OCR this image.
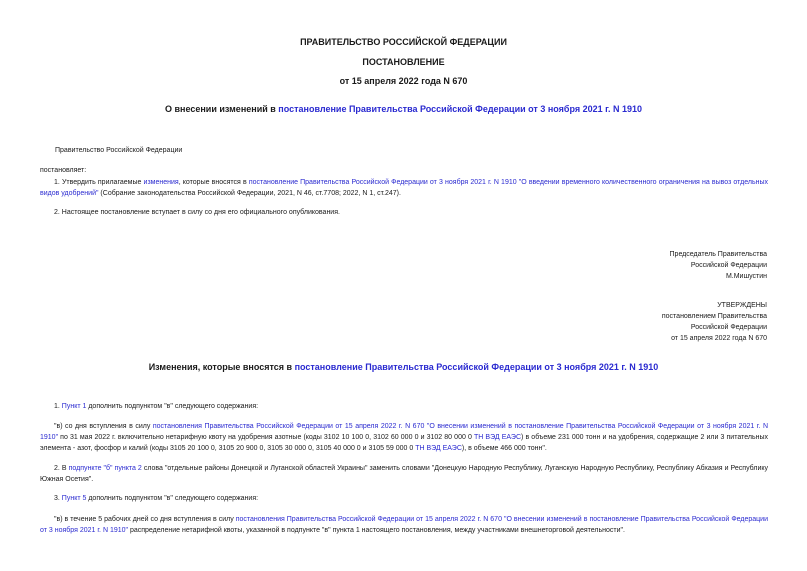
ПРАВИТЕЛЬСТВО РОССИЙСКОЙ ФЕДЕРАЦИИ
ПОСТАНОВЛЕНИЕ
от 15 апреля 2022 года N 670
О внесении изменений в постановление Правительства Российской Федерации от 3 ноября 2021 г. N 1910
Правительство Российской Федерации
постановляет:
1. Утвердить прилагаемые изменения, которые вносятся в постановление Правительства Российской Федерации от 3 ноября 2021 г. N 1910 "О введении временного количественного ограничения на вывоз отдельных видов удобрений" (Собрание законодательства Российской Федерации, 2021, N 46, ст.7708; 2022, N 1, ст.247).
2. Настоящее постановление вступает в силу со дня его официального опубликования.
Председатель Правительства
Российской Федерации
М.Мишустин
УТВЕРЖДЕНЫ
постановлением Правительства
Российской Федерации
от 15 апреля 2022 года N 670
Изменения, которые вносятся в постановление Правительства Российской Федерации от 3 ноября 2021 г. N 1910
1. Пункт 1 дополнить подпунктом "в" следующего содержания:
"в) со дня вступления в силу постановления Правительства Российской Федерации от 15 апреля 2022 г. N 670 "О внесении изменений в постановление Правительства Российской Федерации от 3 ноября 2021 г. N 1910" по 31 мая 2022 г. включительно нетарифную квоту на удобрения азотные (коды 3102 10 100 0, 3102 60 000 0 и 3102 80 000 0 ТН ВЭД ЕАЭС) в объеме 231 000 тонн и на удобрения, содержащие 2 или 3 питательных элемента - азот, фосфор и калий (коды 3105 20 100 0, 3105 20 900 0, 3105 30 000 0, 3105 40 000 0 и 3105 59 000 0 ТН ВЭД ЕАЭС), в объеме 466 000 тонн".
2. В подпункте "б" пункта 2 слова "отдельные районы Донецкой и Луганской областей Украины" заменить словами "Донецкую Народную Республику, Луганскую Народную Республику, Республику Абхазия и Республику Южная Осетия".
3. Пункт 5 дополнить подпунктом "в" следующего содержания:
"в) в течение 5 рабочих дней со дня вступления в силу постановления Правительства Российской Федерации от 15 апреля 2022 г. N 670 "О внесении изменений в постановление Правительства Российской Федерации от 3 ноября 2021 г. N 1910" распределение нетарифной квоты, указанной в подпункте "в" пункта 1 настоящего постановления, между участниками внешнеторговой деятельности".
